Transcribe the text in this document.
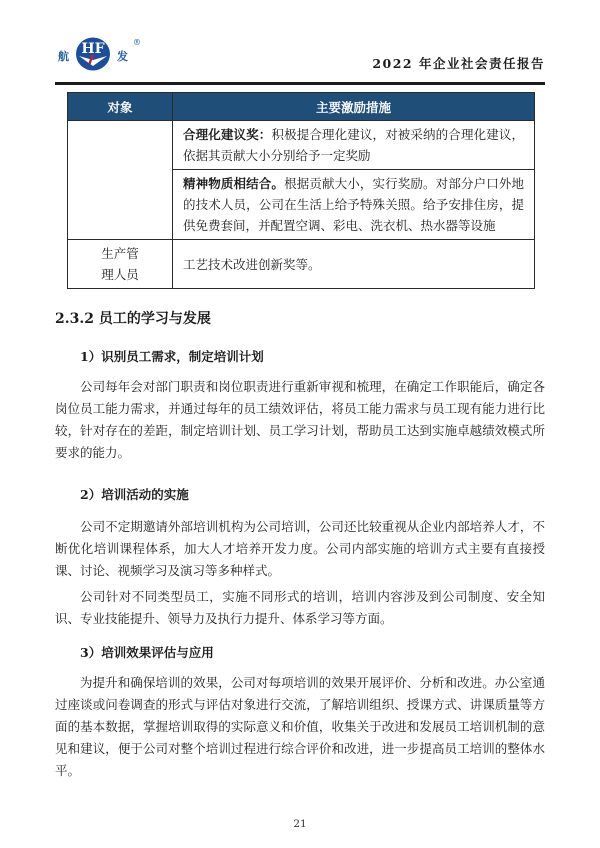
航 HF 发
®
2022 年企业社会责任报告
对象	主要激励措施
	合理化建议奖：积极提合理化建议，对被采纳的合理化建议，依据其贡献大小分别给予一定奖励
	精神物质相结合。根据贡献大小，实行奖励。对部分户口外地的技术人员，公司在生活上给予特殊关照。给予安排住房，提供免费套间，并配置空调、彩电、洗衣机、热水器等设施
生产管理人员	工艺技术改进创新奖等。
2.3.2 员工的学习与发展
1）识别员工需求，制定培训计划

公司每年会对部门职责和岗位职责进行重新审视和梳理，在确定工作职能后，确定各岗位员工能力需求，并通过每年的员工绩效评估，将员工能力需求与员工现有能力进行比较，针对存在的差距，制定培训计划、员工学习计划，帮助员工达到实施卓越绩效模式所要求的能力。

2）培训活动的实施

公司不定期邀请外部培训机构为公司培训，公司还比较重视从企业内部培养人才，不断优化培训课程体系，加大人才培养开发力度。公司内部实施的培训方式主要有直接授课、讨论、视频学习及演习等多种样式。

公司针对不同类型员工，实施不同形式的培训，培训内容涉及到公司制度、安全知识、专业技能提升、领导力及执行力提升、体系学习等方面。

3）培训效果评估与应用

为提升和确保培训的效果，公司对每项培训的效果开展评价、分析和改进。办公室通过座谈或问卷调查的形式与评估对象进行交流，了解培训组织、授课方式、讲课质量等方面的基本数据，掌握培训取得的实际意义和价值，收集关于改进和发展员工培训机制的意见和建议，便于公司对整个培训过程进行综合评价和改进，进一步提高员工培训的整体水平。

21
